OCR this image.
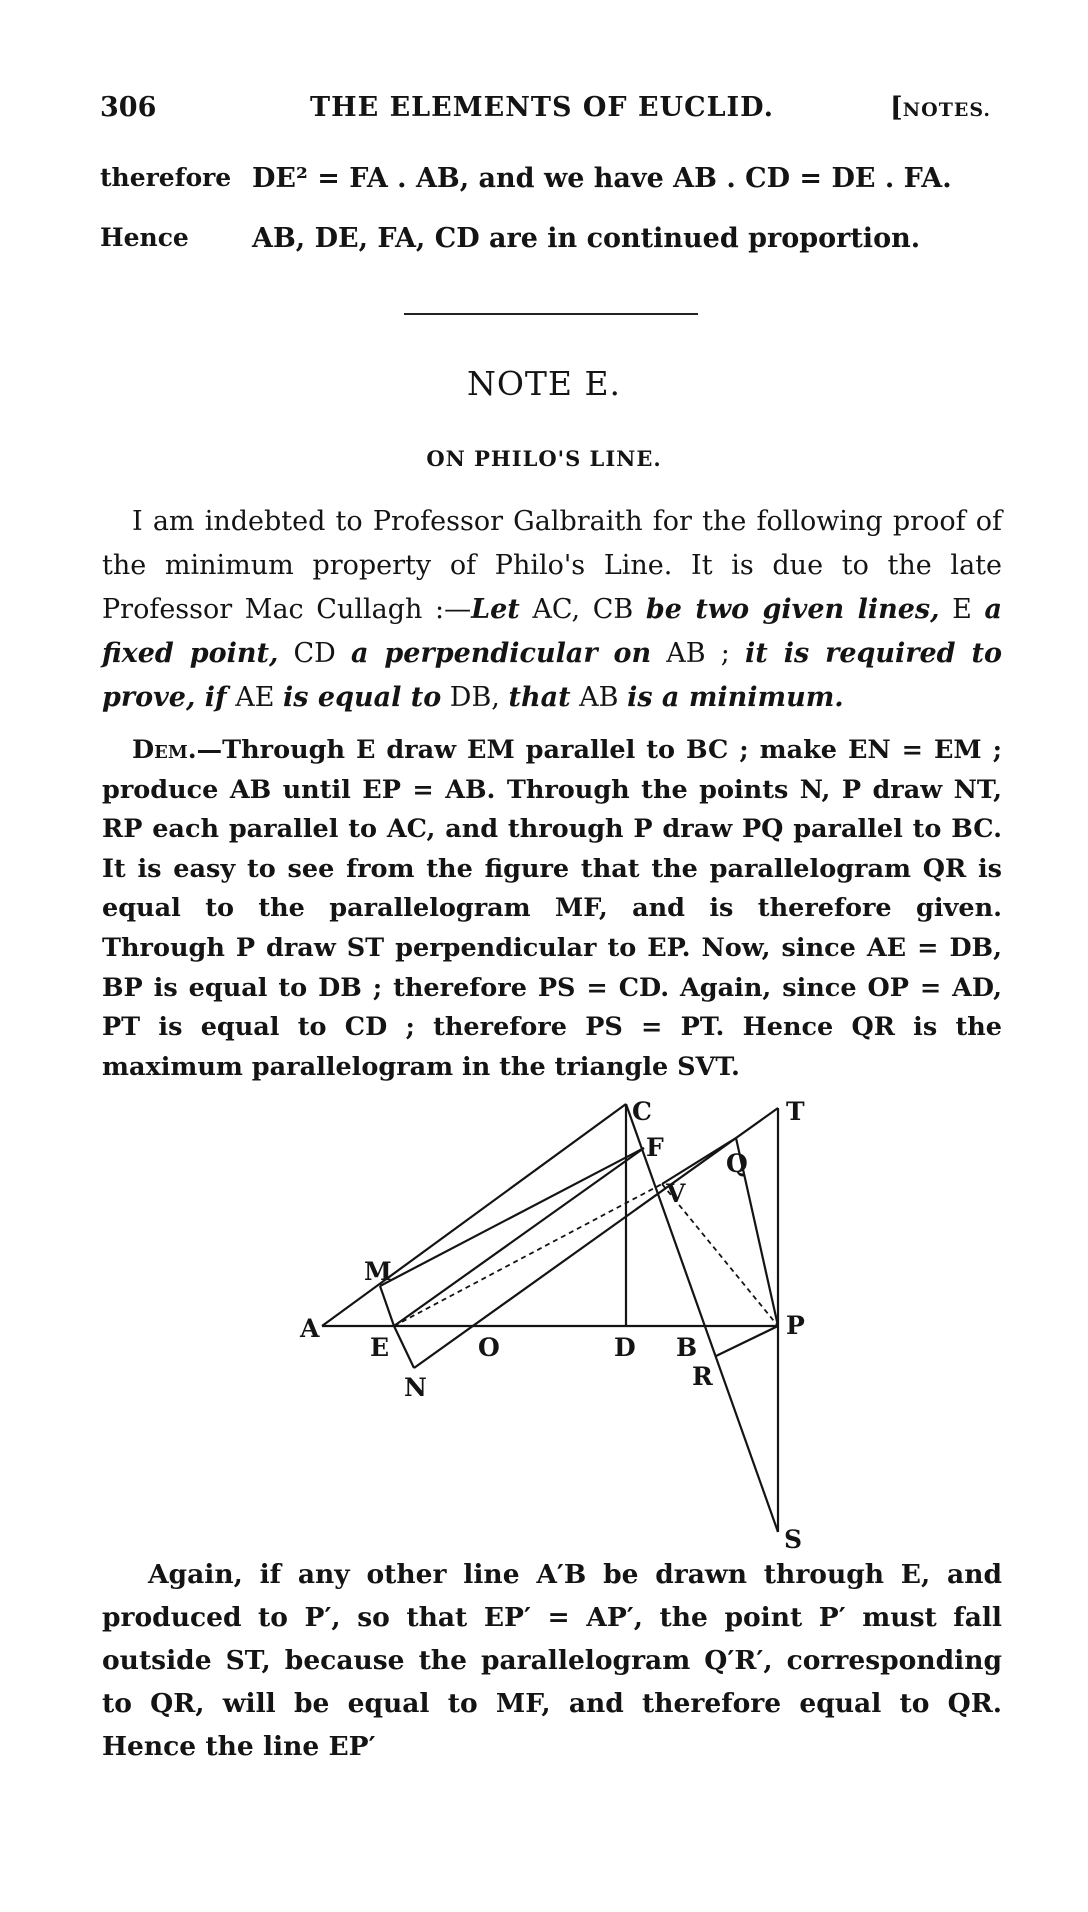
306	THE ELEMENTS OF EUCLID.	[NOTES.
therefore DE² = FA . AB, and we have AB . CD = DE . FA.
Hence AB, DE, FA, CD are in continued proportion.
NOTE E.
ON PHILO'S LINE.
I am indebted to Professor Galbraith for the following proof of the minimum property of Philo's Line. It is due to the late Professor Mac Cullagh :—Let AC, CB be two given lines, E a fixed point, CD a perpendicular on AB ; it is required to prove, if AE is equal to DB, that AB is a minimum.
Dem.—Through E draw EM parallel to BC ; make EN = EM ; produce AB until EP = AB. Through the points N, P draw NT, RP each parallel to AC, and through P draw PQ parallel to BC. It is easy to see from the figure that the parallelogram QR is equal to the parallelogram MF, and is therefore given. Through P draw ST perpendicular to EP. Now, since AE = DB, BP is equal to DB ; therefore PS = CD. Again, since OP = AD, PT is equal to CD ; therefore PS = PT. Hence QR is the maximum parallelogram in the triangle SVT.
A
M
E
N
O	D B
R
C
F
V
Q
T
P
S
Again, if any other line A′B be drawn through E, and produced to P′, so that EP′ = AP′, the point P′ must fall outside ST, because the parallelogram Q′R′, corresponding to QR, will be equal to MF, and therefore equal to QR. Hence the line EP′
